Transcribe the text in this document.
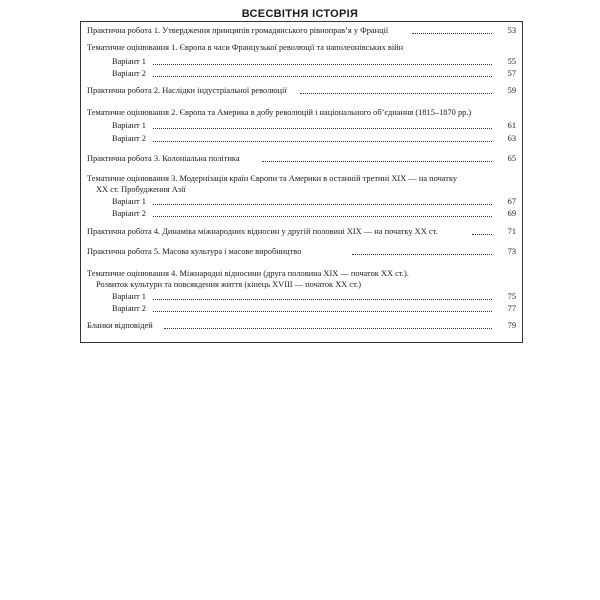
ВСЕСВІТНЯ ІСТОРІЯ
Практична робота 1. Утвердження принципів громадянського рівноправ’я у Франції	53
Тематичне оцінювання 1. Європа в часи Французької революції та наполеонівських війн
Варіант 1	55
Варіант 2	57
Практична робота 2. Наслідки індустріальної революції	59
Тематичне оцінювання 2. Європа та Америка в добу революцій і національного об’єднання (1815–1870 рр.)
Варіант 1	61
Варіант 2	63
Практична робота 3. Колоніальна політика	65
Тематичне оцінювання 3. Модернізація країн Європи та Америки в останній третині XIX — на початку
XX ст. Пробудження Азії
Варіант 1	67
Варіант 2	69
Практична робота 4. Динаміка міжнародних відносин у другій половині XIX — на початку XX ст.	71
Практична робота 5. Масова культура і масове виробництво	73
Тематичне оцінювання 4. Міжнародні відносини (друга половина XIX — початок XX ст.).
Розвиток культури та повсякдення життя (кінець XVIII — початок XX ст.)
Варіант 1	75
Варіант 2	77
Бланки відповідей	79
